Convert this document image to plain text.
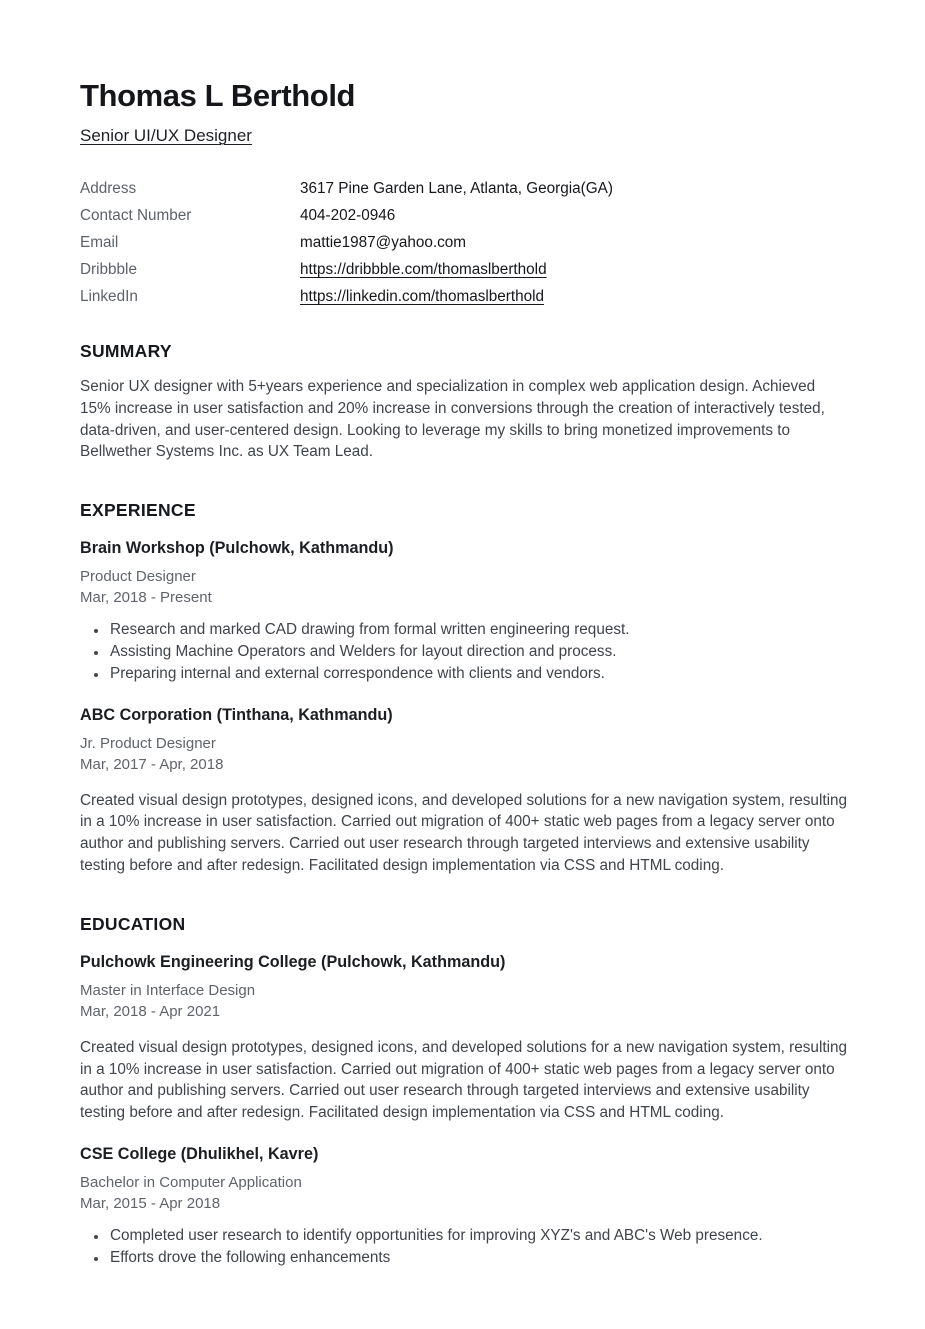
Thomas L Berthold
Senior UI/UX Designer
Address	3617 Pine Garden Lane, Atlanta, Georgia(GA)
Contact Number	404-202-0946
Email	mattie1987@yahoo.com
Dribbble	https://dribbble.com/thomaslberthold
LinkedIn	https://linkedin.com/thomaslberthold
SUMMARY

Senior UX designer with 5+years experience and specialization in complex web application design. Achieved 15% increase in user satisfaction and 20% increase in conversions through the creation of interactively tested, data-driven, and user-centered design. Looking to leverage my skills to bring monetized improvements to Bellwether Systems Inc. as UX Team Lead.

EXPERIENCE
Brain Workshop (Pulchowk, Kathmandu)
Product Designer
Mar, 2018 - Present
• Research and marked CAD drawing from formal written engineering request.
• Assisting Machine Operators and Welders for layout direction and process.
• Preparing internal and external correspondence with clients and vendors.
ABC Corporation (Tinthana, Kathmandu)
Jr. Product Designer
Mar, 2017 - Apr, 2018

Created visual design prototypes, designed icons, and developed solutions for a new navigation system, resulting in a 10% increase in user satisfaction. Carried out migration of 400+ static web pages from a legacy server onto author and publishing servers. Carried out user research through targeted interviews and extensive usability testing before and after redesign. Facilitated design implementation via CSS and HTML coding.

EDUCATION
Pulchowk Engineering College (Pulchowk, Kathmandu)
Master in Interface Design
Mar, 2018 - Apr 2021

Created visual design prototypes, designed icons, and developed solutions for a new navigation system, resulting in a 10% increase in user satisfaction. Carried out migration of 400+ static web pages from a legacy server onto author and publishing servers. Carried out user research through targeted interviews and extensive usability testing before and after redesign. Facilitated design implementation via CSS and HTML coding.

CSE College (Dhulikhel, Kavre)
Bachelor in Computer Application
Mar, 2015 - Apr 2018
• Completed user research to identify opportunities for improving XYZ's and ABC's Web presence.
• Efforts drove the following enhancements
